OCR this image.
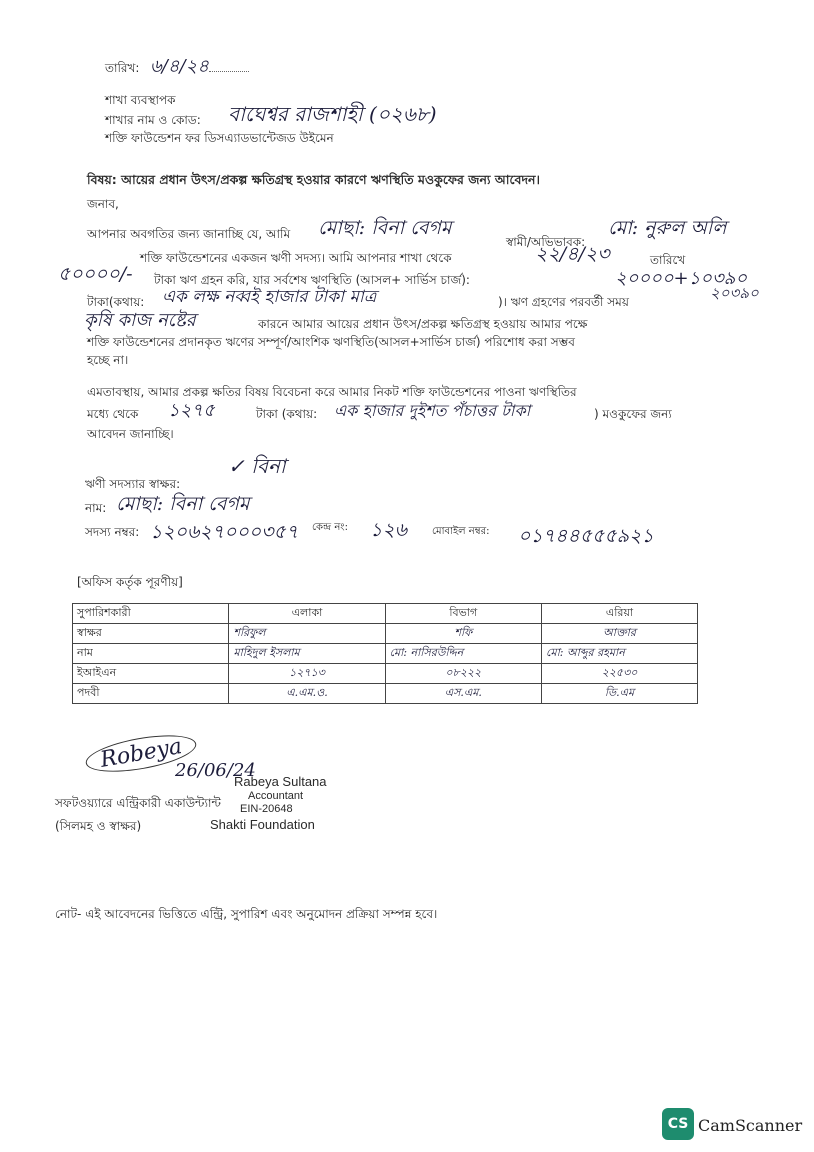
তারিখ: ৬/৪/২৪
শাখা ব্যবস্থাপক
শাখার নাম ও কোড: বাঘেশ্বর রাজশাহী (০২৬৮)
শক্তি ফাউন্ডেশন ফর ডিসএ্যাডভান্টেজড উইমেন
বিষয়: আয়ের প্রধান উৎস/প্রকল্প ক্ষতিগ্রস্থ হওয়ার কারণে ঋণস্থিতি মওকুফের জন্য আবেদন।
জনাব,
আপনার অবগতির জন্য জানাচ্ছি যে, আমি মোছা: বিনা বেগম
স্বামী/অভিভাবক:
মো: নুরুল অলি
শক্তি ফাউন্ডেশনের একজন ঋণী সদস্য। আমি আপনার শাখা থেকে	২২/৪/২৩	তারিখে
৫০০০০/- টাকা ঋণ গ্রহন করি, যার সর্বশেষ ঋণস্থিতি (আসল+ সার্ভিস চার্জ):	২০০০০+১০৩৯০
টাকা(কথায়: এক লক্ষ নব্বই হাজার টাকা মাত্র	)। ঋণ গ্রহণের পরবর্তী সময়	২০৩৯০
কৃষি কাজ নষ্টের	কারনে আমার আয়ের প্রধান উৎস/প্রকল্প ক্ষতিগ্রস্থ হওয়ায় আমার পক্ষে
শক্তি ফাউন্ডেশনের প্রদানকৃত ঋণের সম্পূর্ণ/আংশিক ঋণস্থিতি(আসল+সার্ভিস চার্জ) পরিশোধ করা সম্ভব
হচ্ছে না।
এমতাবস্থায়, আমার প্রকল্প ক্ষতির বিষয় বিবেচনা করে আমার নিকট শক্তি ফাউন্ডেশনের পাওনা ঋণস্থিতির
মধ্যে থেকে ১২৭৫	টাকা (কথায়: এক হাজার দুইশত পঁচাত্তর টাকা	) মওকুফের জন্য
আবেদন জানাচ্ছি।
ঋণী সদস্যার স্বাক্ষর:
✓ বিনা
নাম: মোছা: বিনা বেগম
সদস্য নম্বর: ১২০৬২৭০০০৩৫৭ কেন্দ্র নং: ১২৬ মোবাইল নম্বর: ০১৭৪৪৫৫৫৯২১
[অফিস কর্তৃক পূরণীয়]
সুপারিশকারী	এলাকা	বিভাগ	এরিয়া
স্বাক্ষর	শরিফুল	শফি	আক্তার
নাম	মাহিদুল ইসলাম	মো: নাসিরউদ্দিন	মো: আব্দুর রহমান
ইআইএন	১২৭১৩	০৮২২২	২২৫৩০
পদবী	এ.এম.ও.	এস.এম.	ডি.এম
Robeya
26/06/24
Rabeya Sultana
Accountant
EIN-20648
Shakti Foundation
সফটওয়্যারে এন্ট্রিকারী একাউন্ট্যান্ট
(সিলমহ ও স্বাক্ষর)
নোট- এই আবেদনের ভিত্তিতে এন্ট্রি, সুপারিশ এবং অনুমোদন প্রক্রিয়া সম্পন্ন হবে।
CS CamScanner
